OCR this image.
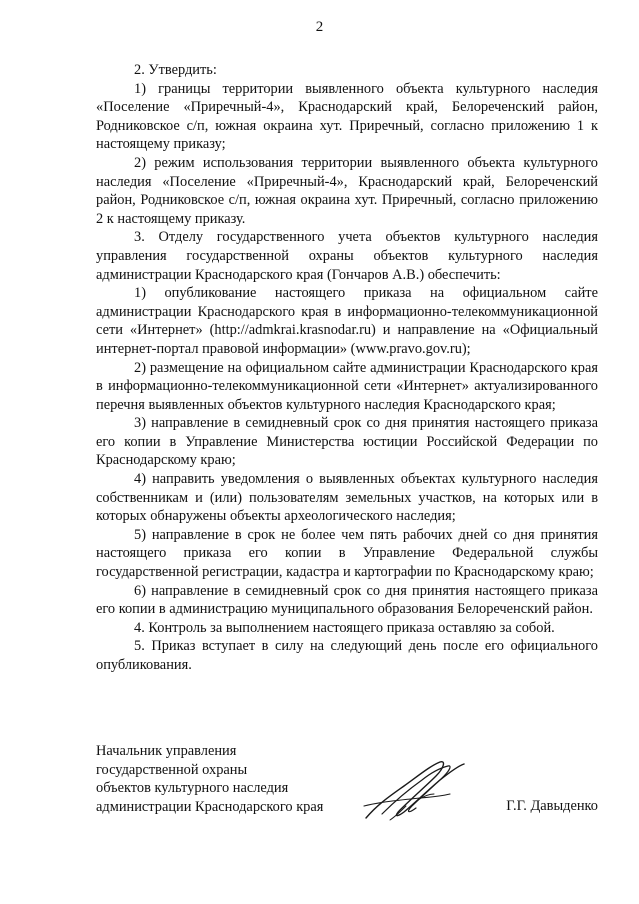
2

2. Утвердить:

1) границы территории выявленного объекта культурного наследия «Поселение «Приречный-4», Краснодарский край, Белореченский район, Родниковское с/п, южная окраина хут. Приречный, согласно приложению 1 к настоящему приказу;

2) режим использования территории выявленного объекта культурного наследия «Поселение «Приречный-4», Краснодарский край, Белореченский район, Родниковское с/п, южная окраина хут. Приречный, согласно приложению 2 к настоящему приказу.

3. Отделу государственного учета объектов культурного наследия управления государственной охраны объектов культурного наследия администрации Краснодарского края (Гончаров А.В.) обеспечить:

1) опубликование настоящего приказа на официальном сайте администрации Краснодарского края в информационно-телекоммуникационной сети «Интернет» (http://admkrai.krasnodar.ru) и направление на «Официальный интернет-портал правовой информации» (www.pravo.gov.ru);

2) размещение на официальном сайте администрации Краснодарского края в информационно-телекоммуникационной сети «Интернет» актуализированного перечня выявленных объектов культурного наследия Краснодарского края;

3) направление в семидневный срок со дня принятия настоящего приказа его копии в Управление Министерства юстиции Российской Федерации по Краснодарскому краю;

4) направить уведомления о выявленных объектах культурного наследия собственникам и (или) пользователям земельных участков, на которых или в которых обнаружены объекты археологического наследия;

5) направление в срок не более чем пять рабочих дней со дня принятия настоящего приказа его копии в Управление Федеральной службы государственной регистрации, кадастра и картографии по Краснодарскому краю;

6) направление в семидневный срок со дня принятия настоящего приказа его копии в администрацию муниципального образования Белореченский район.

4. Контроль за выполнением настоящего приказа оставляю за собой.

5. Приказ вступает в силу на следующий день после его официального опубликования.

Начальник управления
государственной охраны
объектов культурного наследия
администрации Краснодарского края	Г.Г. Давыденко
